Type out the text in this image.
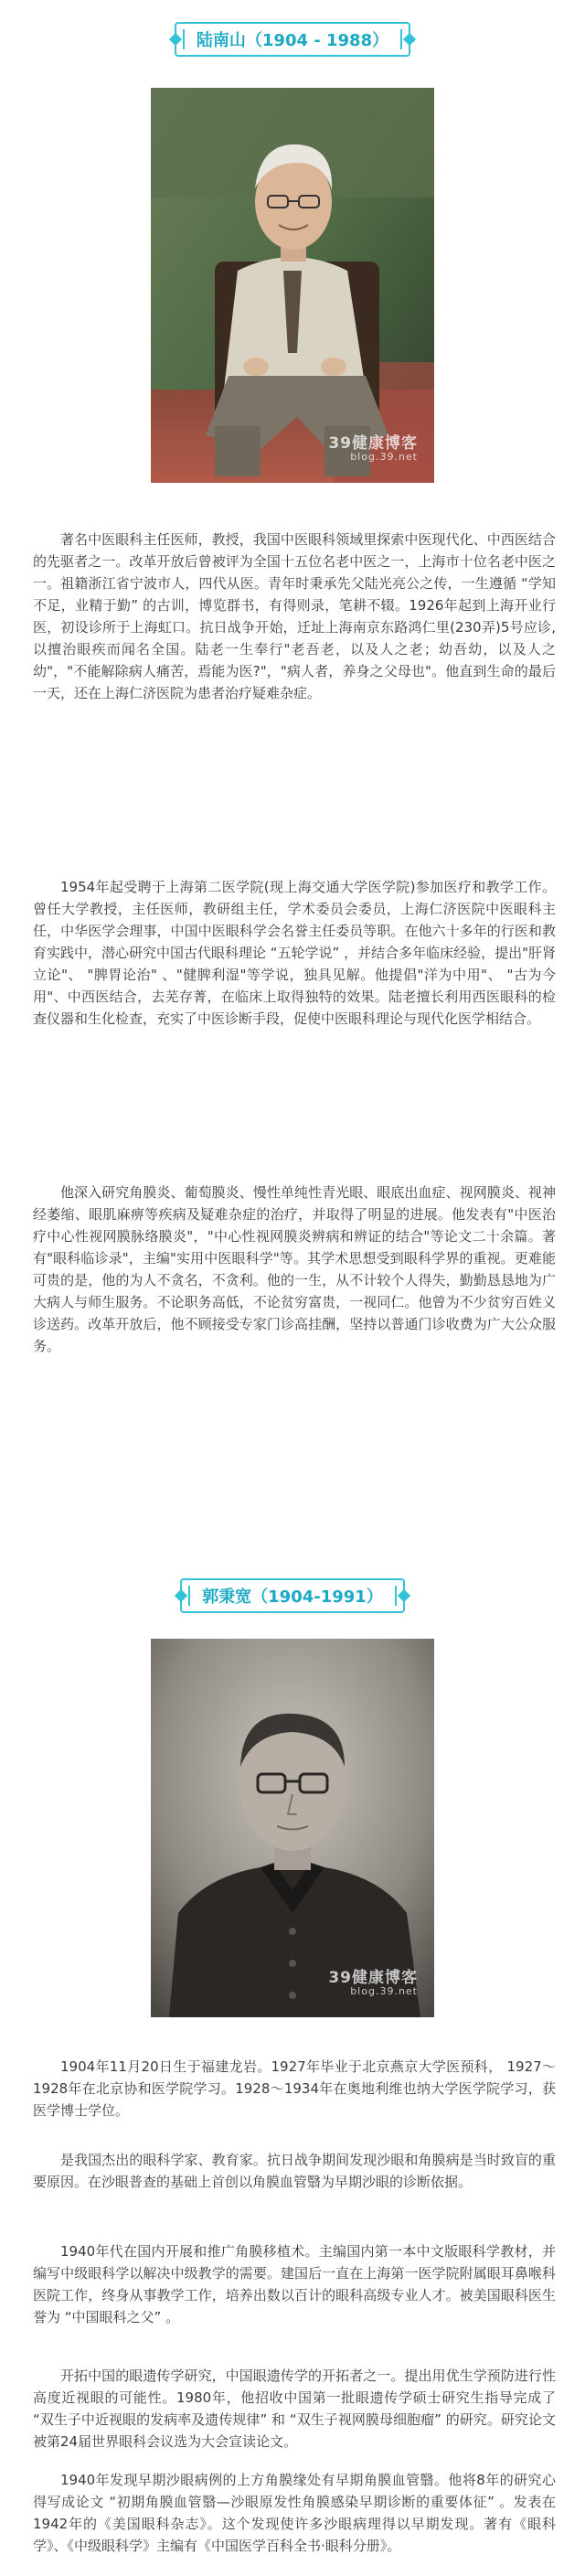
陆南山（1904 - 1988）
39健康博客
blog.39.net

著名中医眼科主任医师，教授，我国中医眼科领域里探索中医现代化、中西医结合的先驱者之一。改革开放后曾被评为全国十五位名老中医之一，上海市十位名老中医之一。祖籍浙江省宁波市人，四代从医。青年时秉承先父陆光亮公之传，一生遵循 “学知不足，业精于勤” 的古训，博览群书，有得则录，笔耕不辍。1926年起到上海开业行医，初设诊所于上海虹口。抗日战争开始，迁址上海南京东路鸿仁里(230弄)5号应诊,以擅治眼疾而闻名全国。陆老一生奉行"老吾老，以及人之老；幼吾幼，以及人之幼"，"不能解除病人痛苦，焉能为医?"，"病人者，养身之父母也"。他直到生命的最后一天，还在上海仁济医院为患者治疗疑难杂症。

1954年起受聘于上海第二医学院(现上海交通大学医学院)参加医疗和教学工作。曾任大学教授，主任医师，教研组主任，学术委员会委员，上海仁济医院中医眼科主任，中华医学会理事，中国中医眼科学会名誉主任委员等职。在他六十多年的行医和教育实践中，潜心研究中国古代眼科理论 “五轮学说” ，并结合多年临床经验，提出"肝肾立论"、 "脾胃论治" 、"健脾利湿"等学说，独具见解。他提倡"洋为中用"、 "古为今用"、中西医结合，去芜存菁，在临床上取得独特的效果。陆老擅长利用西医眼科的检查仪器和生化检查，充实了中医诊断手段，促使中医眼科理论与现代化医学相结合。

他深入研究角膜炎、葡萄膜炎、慢性单纯性青光眼、眼底出血症、视网膜炎、视神经萎缩、眼肌麻痹等疾病及疑难杂症的治疗，并取得了明显的进展。他发表有"中医治疗中心性视网膜脉络膜炎"，"中心性视网膜炎辨病和辨证的结合"等论文二十余篇。著有"眼科临诊录"，主编"实用中医眼科学"等。其学术思想受到眼科学界的重视。更难能可贵的是，他的为人不贪名，不贪利。他的一生，从不计较个人得失，勤勤恳恳地为广大病人与师生服务。不论职务高低，不论贫穷富贵，一视同仁。他曾为不少贫穷百姓义诊送药。改革开放后，他不顾接受专家门诊高挂酬，坚持以普通门诊收费为广大公众服务。

郭秉宽（1904-1991）
39健康博客
blog.39.net

1904年11月20日生于福建龙岩。1927年毕业于北京燕京大学医预科， 1927～1928年在北京协和医学院学习。1928～1934年在奥地利维也纳大学医学院学习，获医学博士学位。

是我国杰出的眼科学家、教育家。抗日战争期间发现沙眼和角膜病是当时致盲的重要原因。在沙眼普查的基础上首创以角膜血管翳为早期沙眼的诊断依据。

1940年代在国内开展和推广角膜移植术。主编国内第一本中文版眼科学教材，并编写中级眼科学以解决中级教学的需要。建国后一直在上海第一医学院附属眼耳鼻喉科医院工作，终身从事教学工作，培养出数以百计的眼科高级专业人才。被美国眼科医生誉为 “中国眼科之父” 。

开拓中国的眼遗传学研究，中国眼遗传学的开拓者之一。提出用优生学预防进行性高度近视眼的可能性。1980年，他招收中国第一批眼遗传学硕士研究生指导完成了 “双生子中近视眼的发病率及遗传规律” 和 “双生子视网膜母细胞瘤” 的研究。研究论文被第24届世界眼科会议选为大会宣读论文。

1940年发现早期沙眼病例的上方角膜缘处有早期角膜血管翳。他将8年的研究心得写成论文 “初期角膜血管翳—沙眼原发性角膜感染早期诊断的重要体征” 。发表在1942年的《美国眼科杂志》。这个发现使许多沙眼病理得以早期发现。著有《眼科学》、《中级眼科学》主编有《中国医学百科全书·眼科分册》。
